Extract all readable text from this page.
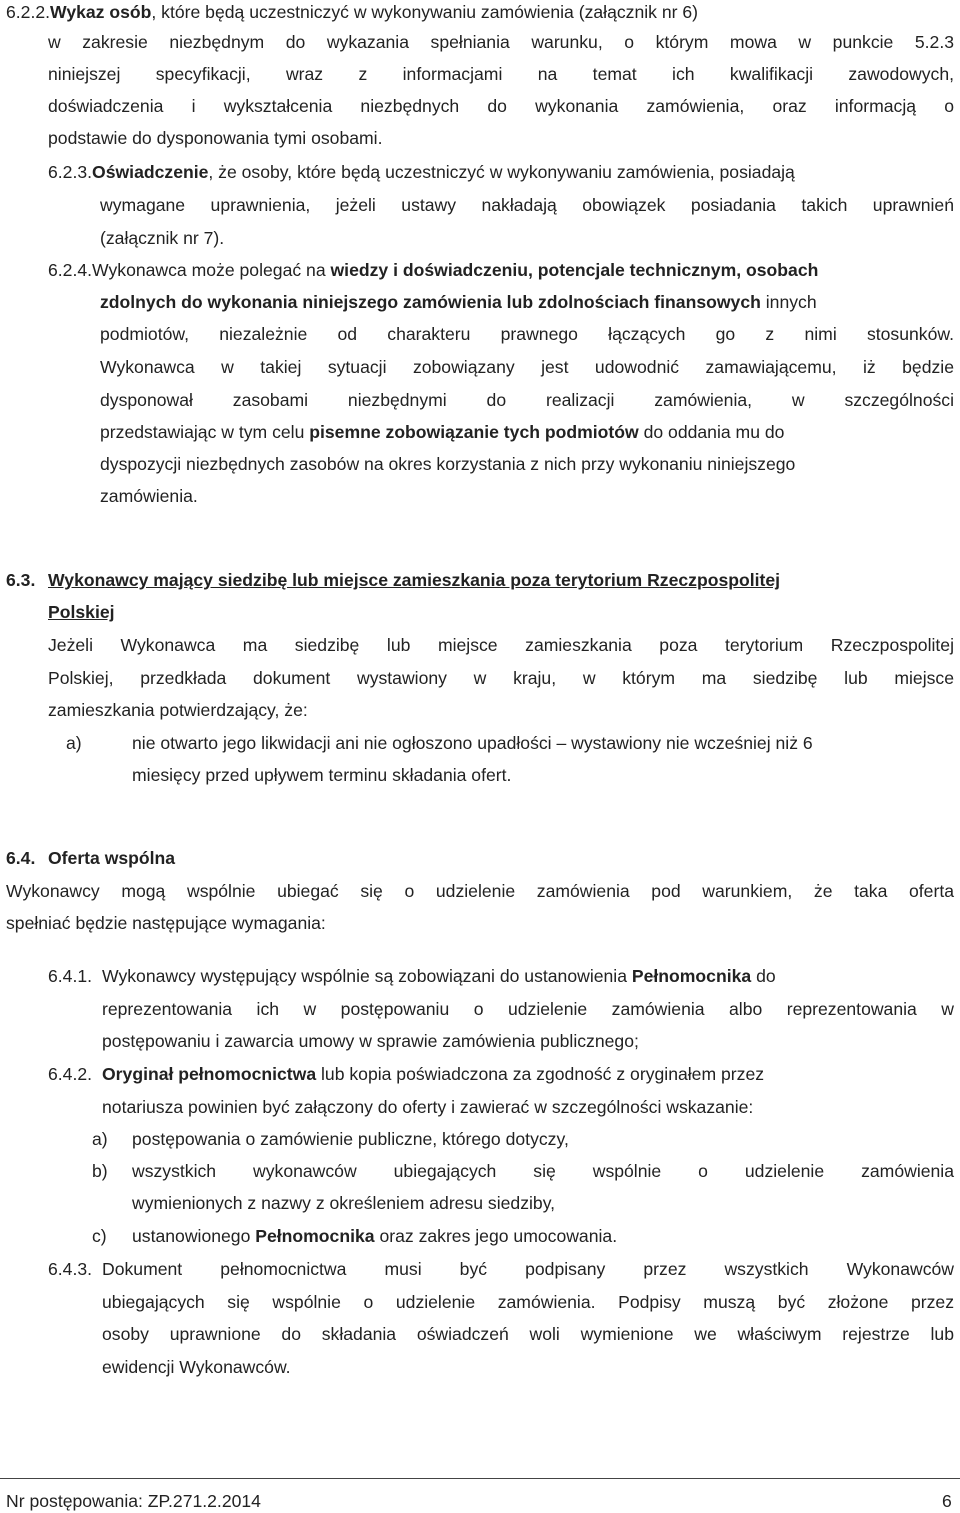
6.2.2.Wykaz osób, które będą uczestniczyć w wykonywaniu zamówienia (załącznik nr 6)
w zakresie niezbędnym do wykazania spełniania warunku, o którym mowa w punkcie 5.2.3
niniejszej specyfikacji, wraz z informacjami na temat ich kwalifikacji zawodowych,
doświadczenia i wykształcenia niezbędnych do wykonania zamówienia, oraz informacją o
podstawie do dysponowania tymi osobami.
6.2.3.Oświadczenie, że osoby, które będą uczestniczyć w wykonywaniu zamówienia, posiadają
wymagane uprawnienia, jeżeli ustawy nakładają obowiązek posiadania takich uprawnień
(załącznik nr 7).
6.2.4.Wykonawca może polegać na wiedzy i doświadczeniu, potencjale technicznym, osobach
zdolnych do wykonania niniejszego zamówienia lub zdolnościach finansowych innych
podmiotów, niezależnie od charakteru prawnego łączących go z nimi stosunków.
Wykonawca w takiej sytuacji zobowiązany jest udowodnić zamawiającemu, iż będzie
dysponował zasobami niezbędnymi do realizacji zamówienia, w szczególności
przedstawiając w tym celu pisemne zobowiązanie tych podmiotów do oddania mu do
dyspozycji niezbędnych zasobów na okres korzystania z nich przy wykonaniu niniejszego
zamówienia.
6.3. Wykonawcy mający siedzibę lub miejsce zamieszkania poza terytorium Rzeczpospolitej
Polskiej
Jeżeli Wykonawca ma siedzibę lub miejsce zamieszkania poza terytorium Rzeczpospolitej
Polskiej, przedkłada dokument wystawiony w kraju, w którym ma siedzibę lub miejsce
zamieszkania potwierdzający, że:
a)	nie otwarto jego likwidacji ani nie ogłoszono upadłości – wystawiony nie wcześniej niż 6
miesięcy przed upływem terminu składania ofert.
6.4. Oferta wspólna
Wykonawcy mogą wspólnie ubiegać się o udzielenie zamówienia pod warunkiem, że taka oferta
spełniać będzie następujące wymagania:
6.4.1. Wykonawcy występujący wspólnie są zobowiązani do ustanowienia Pełnomocnika do
reprezentowania ich w postępowaniu o udzielenie zamówienia albo reprezentowania w
postępowaniu i zawarcia umowy w sprawie zamówienia publicznego;
6.4.2. Oryginał pełnomocnictwa lub kopia poświadczona za zgodność z oryginałem przez
notariusza powinien być załączony do oferty i zawierać w szczególności wskazanie:
a) postępowania o zamówienie publiczne, którego dotyczy,
b) wszystkich wykonawców ubiegających się wspólnie o udzielenie zamówienia
wymienionych z nazwy z określeniem adresu siedziby,
c) ustanowionego Pełnomocnika oraz zakres jego umocowania.
6.4.3. Dokument pełnomocnictwa musi być podpisany przez wszystkich Wykonawców
ubiegających się wspólnie o udzielenie zamówienia. Podpisy muszą być złożone przez
osoby uprawnione do składania oświadczeń woli wymienione we właściwym rejestrze lub
ewidencji Wykonawców.
Nr postępowania: ZP.271.2.2014	6
